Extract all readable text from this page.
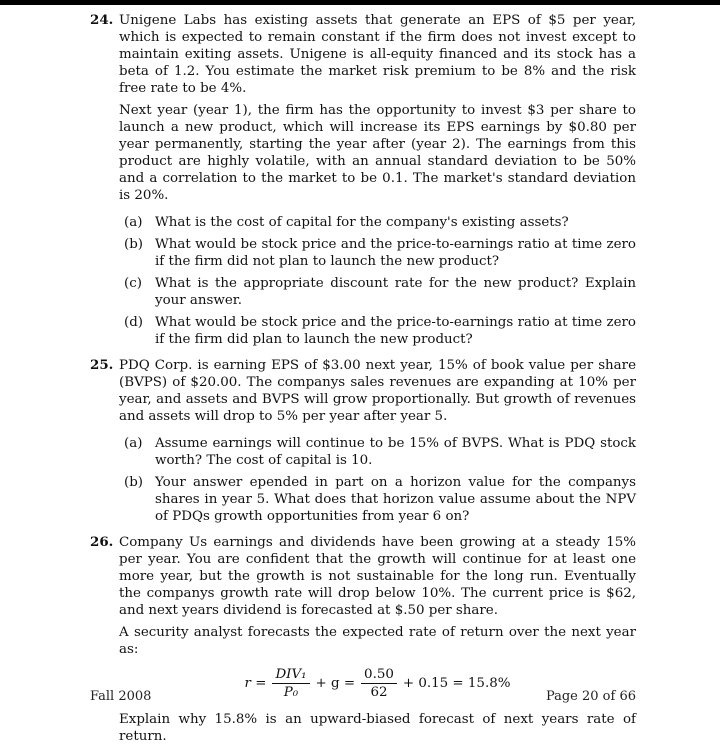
24. Unigene Labs has existing assets that generate an EPS of $5 per year, which is expected to remain constant if the firm does not invest except to maintain exiting assets. Unigene is all-equity financed and its stock has a beta of 1.2. You estimate the market risk premium to be 8% and the risk free rate to be 4%.

Next year (year 1), the firm has the opportunity to invest $3 per share to launch a new product, which will increase its EPS earnings by $0.80 per year permanently, starting the year after (year 2). The earnings from this product are highly volatile, with an annual standard deviation to be 50% and a correlation to the market to be 0.1. The market's standard deviation is 20%.

(a) What is the cost of capital for the company's existing assets?
(b) What would be stock price and the price-to-earnings ratio at time zero if the firm did not plan to launch the new product?
(c) What is the appropriate discount rate for the new product? Explain your answer.
(d) What would be stock price and the price-to-earnings ratio at time zero if the firm did plan to launch the new product?
25. PDQ Corp. is earning EPS of $3.00 next year, 15% of book value per share (BVPS) of $20.00. The companys sales revenues are expanding at 10% per year, and assets and BVPS will grow proportionally. But growth of revenues and assets will drop to 5% per year after year 5.

(a) Assume earnings will continue to be 15% of BVPS. What is PDQ stock worth? The cost of capital is 10.
(b) Your answer epended in part on a horizon value for the companys shares in year 5. What does that horizon value assume about the NPV of PDQs growth opportunities from year 6 on?
26. Company Us earnings and dividends have been growing at a steady 15% per year. You are confident that the growth will continue for at least one more year, but the growth is not sustainable for the long run. Eventually the companys growth rate will drop below 10%. The current price is $62, and next years dividend is forecasted at $.50 per share.

A security analyst forecasts the expected rate of return over the next year as:

$r = \frac{\text{DIV₁}}{\text{P₀}} + g = \frac{0.50}{62} + 0.15 = 15.8\%$

Explain why 15.8% is an upward-biased forecast of next years rate of return.

Fall 2008	Page 20 of 66
